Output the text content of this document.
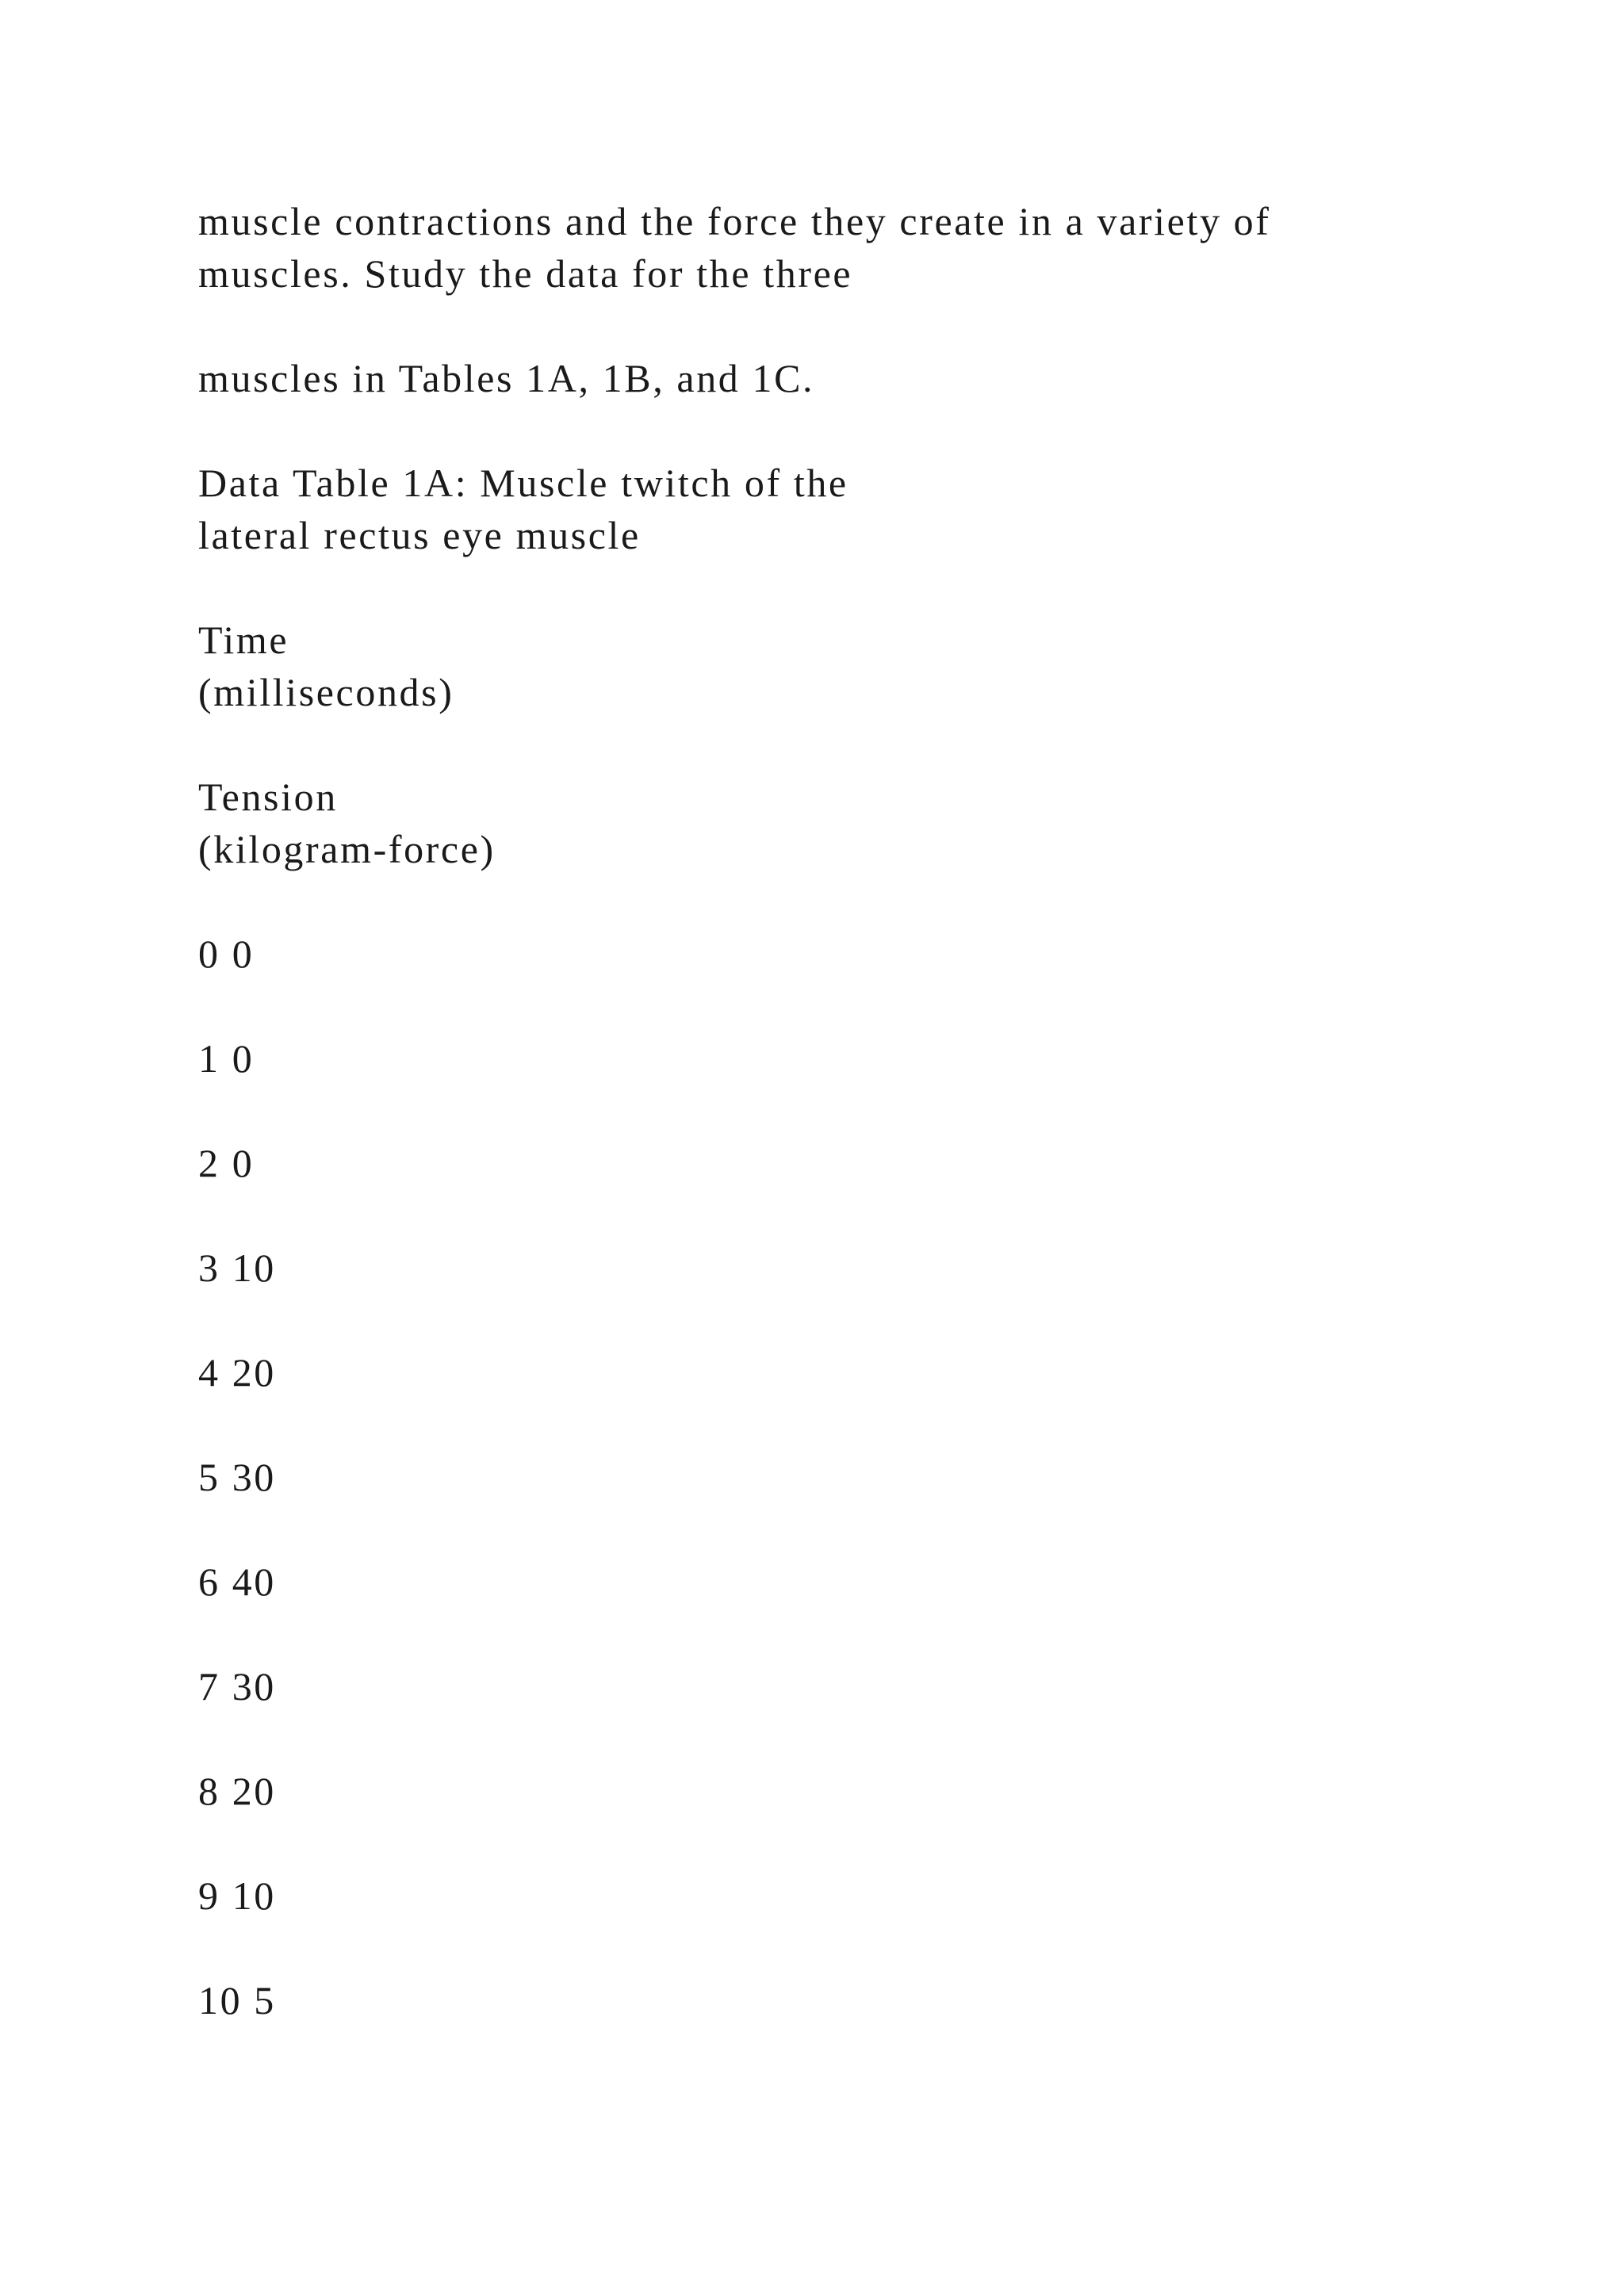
muscle contractions and the force they create in a variety of

muscles. Study the data for the three

muscles in Tables 1A, 1B, and 1C.

Data Table 1A: Muscle twitch of the

lateral rectus eye muscle

Time

(milliseconds)

Tension

(kilogram-force)

0 0

1 0

2 0

3 10

4 20

5 30

6 40

7 30

8 20

9 10

10 5
